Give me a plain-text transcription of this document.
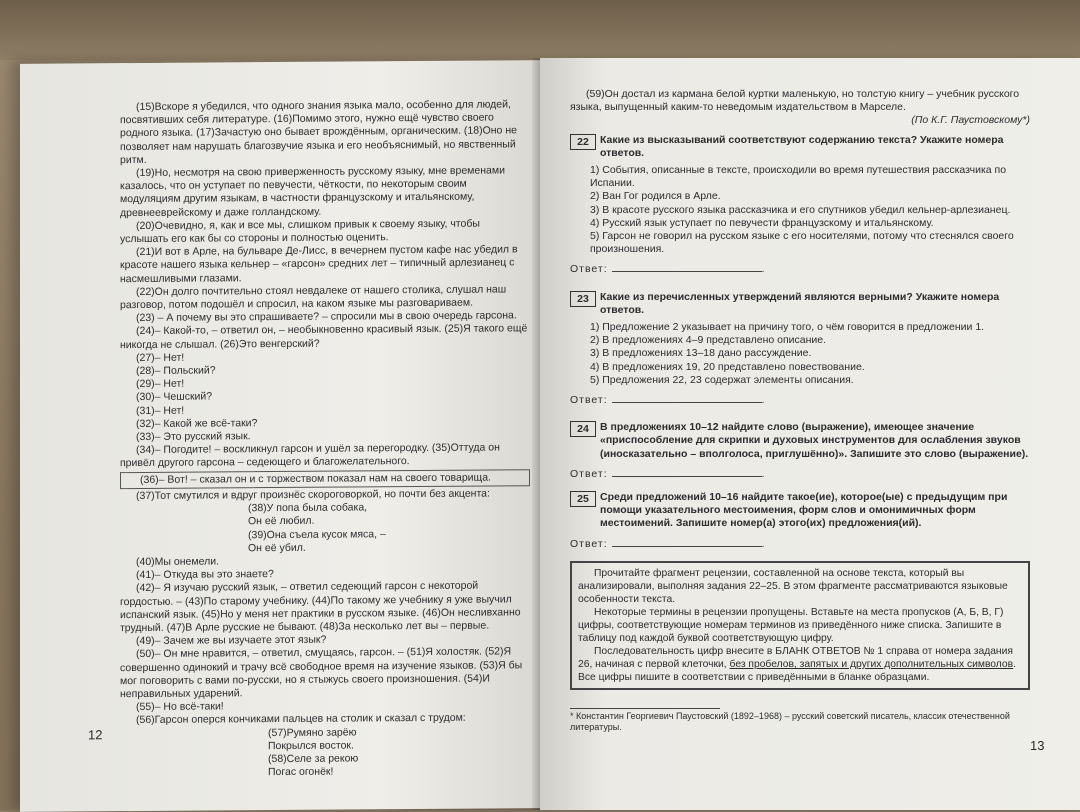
(15)Вскоре я убедился, что одного знания языка мало, особенно для людей, посвятивших себя литературе. (16)Помимо этого, нужно ещё чувство своего родного языка. (17)Зачастую оно бывает врождённым, органическим. (18)Оно не позволяет нам нарушать благозвучие языка и его необъяснимый, но явственный ритм.

(19)Но, несмотря на свою приверженность русскому языку, мне временами казалось, что он уступает по певучести, чёткости, по некоторым своим модуляциям другим языкам, в частности французскому и итальянскому, древнееврейскому и даже голландскому.

(20)Очевидно, я, как и все мы, слишком привык к своему языку, чтобы услышать его как бы со стороны и полностью оценить.

(21)И вот в Арле, на бульваре Де-Лисс, в вечернем пустом кафе нас убедил в красоте нашего языка кельнер – «гарсон» средних лет – типичный арлезианец с насмешливыми глазами.

(22)Он долго почтительно стоял невдалеке от нашего столика, слушал наш разговор, потом подошёл и спросил, на каком языке мы разговариваем.

(23) – А почему вы это спрашиваете? – спросили мы в свою очередь гарсона.

(24)– Какой-то, – ответил он, – необыкновенно красивый язык. (25)Я такого ещё никогда не слышал. (26)Это венгерский?

(27)– Нет!

(28)– Польский?

(29)– Нет!

(30)– Чешский?

(31)– Нет!

(32)– Какой же всё-таки?

(33)– Это русский язык.

(34)– Погодите! – воскликнул гарсон и ушёл за перегородку. (35)Оттуда он привёл другого гарсона – седеющего и благожелательного.

(36)– Вот! – сказал он и с торжеством показал нам на своего товарища.

(37)Тот смутился и вдруг произнёс скороговоркой, но почти без акцента:

(38)У попа была собака,

Он её любил.

(39)Она съела кусок мяса, –

Он её убил.

(40)Мы онемели.

(41)– Откуда вы это знаете?

(42)– Я изучаю русский язык, – ответил седеющий гарсон с некоторой гордостью. – (43)По старому учебнику. (44)По такому же учебнику я уже выучил испанский язык. (45)Но у меня нет практики в русском языке. (46)Он несливханно трудный. (47)В Арле русские не бывают. (48)За несколько лет вы – первые.

(49)– Зачем же вы изучаете этот язык?

(50)– Он мне нравится, – ответил, смущаясь, гарсон. – (51)Я холостяк. (52)Я совершенно одинокий и трачу всё свободное время на изучение языков. (53)Я бы мог поговорить с вами по-русски, но я стыжусь своего произношения. (54)И неправильных ударений.

(55)– Но всё-таки!

(56)Гарсон оперся кончиками пальцев на столик и сказал с трудом:

(57)Румяно зарёю

Покрылся восток.

(58)Селе за рекою

Погас огонёк!

12

(59)Он достал из кармана белой куртки маленькую, но толстую книгу – учебник русского языка, выпущенный каким-то неведомым издательством в Марселе.

(По К.Г. Паустовскому*)

22	Какие из высказываний соответствуют содержанию текста? Укажите номера ответов.

1) События, описанные в тексте, происходили во время путешествия рассказчика по Испании.

2) Ван Гог родился в Арле.

3) В красоте русского языка рассказчика и его спутников убедил кельнер-арлезианец.

4) Русский язык уступает по певучести французскому и итальянскому.

5) Гарсон не говорил на русском языке с его носителями, потому что стеснялся своего произношения.

Ответ:	.
23	Какие из перечисленных утверждений являются верными? Укажите номера ответов.

1) Предложение 2 указывает на причину того, о чём говорится в предложении 1.

2) В предложениях 4–9 представлено описание.

3) В предложениях 13–18 дано рассуждение.

4) В предложениях 19, 20 представлено повествование.

5) Предложения 22, 23 содержат элементы описания.

Ответ:	.
24	В предложениях 10–12 найдите слово (выражение), имеющее значение «приспособление для скрипки и духовых инструментов для ослабления звуков (иносказательно – вполголоса, приглушённо)». Запишите это слово (выражение).

Ответ:	.
25	Среди предложений 10–16 найдите такое(ие), которое(ые) с предыдущим при помощи указательного местоимения, форм слов и омонимичных форм местоимений. Запишите номер(а) этого(их) предложения(ий).

Ответ:	.

Прочитайте фрагмент рецензии, составленной на основе текста, который вы анализировали, выполняя задания 22–25. В этом фрагменте рассматриваются языковые особенности текста.

Некоторые термины в рецензии пропущены. Вставьте на места пропусков (А, Б, В, Г) цифры, соответствующие номерам терминов из приведённого ниже списка. Запишите в таблицу под каждой буквой соответствующую цифру.

Последовательность цифр внесите в БЛАНК ОТВЕТОВ № 1 справа от номера задания 26, начиная с первой клеточки, без пробелов, запятых и других дополнительных символов. Все цифры пишите в соответствии с приведёнными в бланке образцами.

* Константин Георгиевич Паустовский (1892–1968) – русский советский писатель, классик отечественной литературы.

13
